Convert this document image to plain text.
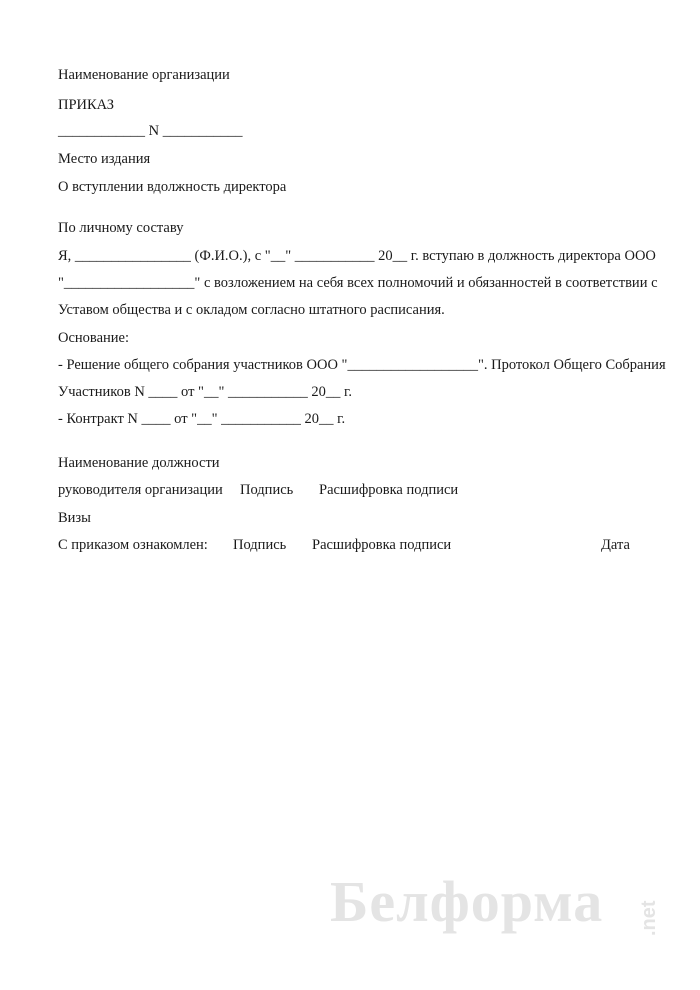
Наименование организации
ПРИКАЗ
____________ N ___________
Место издания
О вступлении вдолжность директора
По личному составу
Я, ________________ (Ф.И.О.), с "__" ___________ 20__ г. вступаю в должность директора ООО
"__________________" с возложением на себя всех полномочий и обязанностей в соответствии с
Уставом общества и с окладом согласно штатного расписания.
Основание:
- Решение общего собрания участников ООО "__________________". Протокол Общего Собрания
Участников N ____ от "__" ___________ 20__ г.
- Контракт N ____ от "__" ___________ 20__ г.
Наименование должности
руководителя организации Подпись Расшифровка подписи
Визы
С приказом ознакомлен: Подпись Расшифровка подписи	Дата
Белформа .net
